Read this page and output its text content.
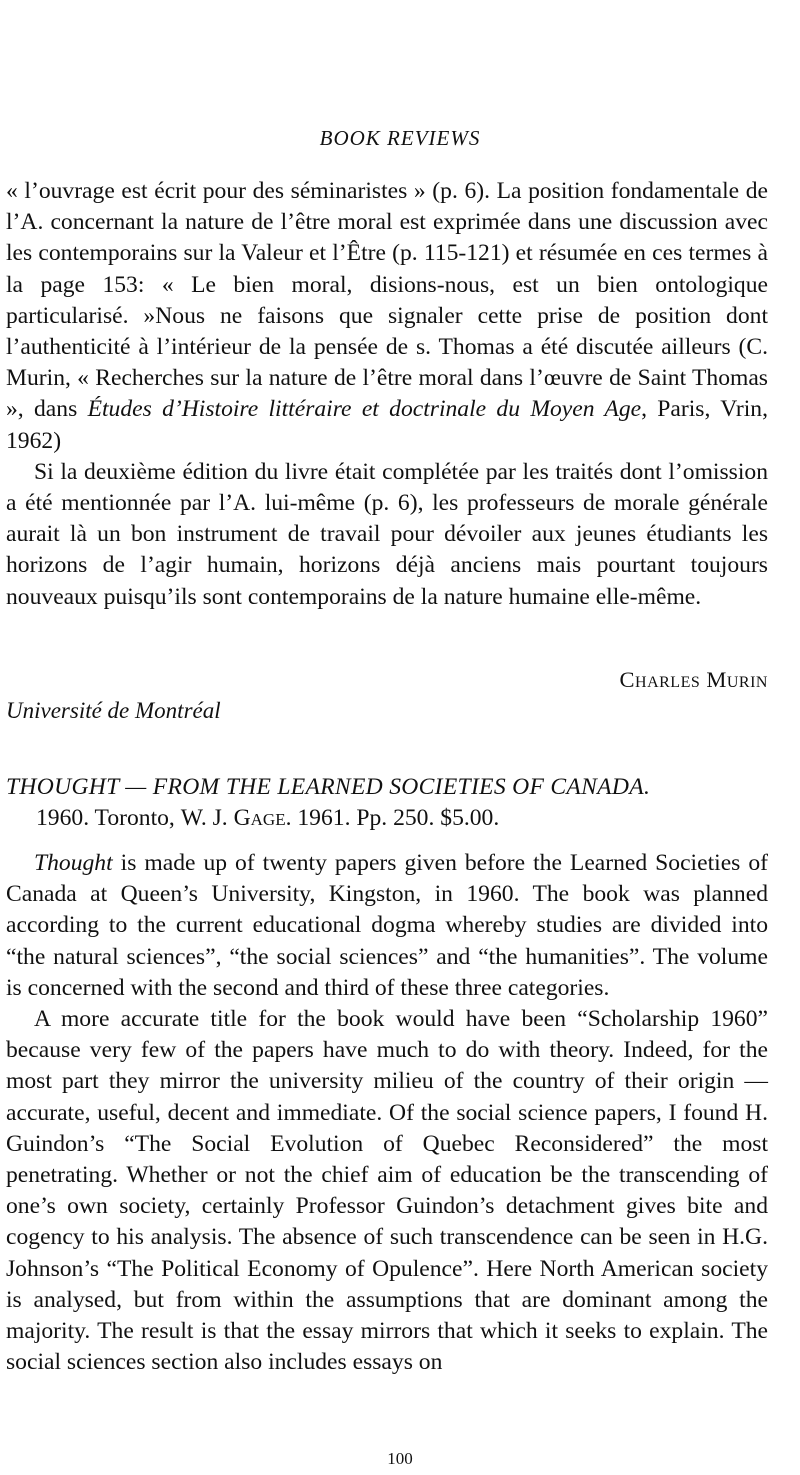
BOOK REVIEWS

« l’ouvrage est écrit pour des séminaristes » (p. 6). La position fondamentale de l’A. concernant la nature de l’être moral est exprimée dans une discussion avec les contemporains sur la Valeur et l’Être (p. 115-121) et résumée en ces termes à la page 153: « Le bien moral, disions-nous, est un bien ontologique particularisé. »Nous ne faisons que signaler cette prise de position dont l’authenticité à l’intérieur de la pensée de s. Thomas a été discutée ailleurs (C. Murin, « Recherches sur la nature de l’être moral dans l’œuvre de Saint Thomas », dans Études d’Histoire littéraire et doctrinale du Moyen Age, Paris, Vrin, 1962)

Si la deuxième édition du livre était complétée par les traités dont l’omission a été mentionnée par l’A. lui-même (p. 6), les professeurs de morale générale aurait là un bon instrument de travail pour dévoiler aux jeunes étudiants les horizons de l’agir humain, horizons déjà anciens mais pourtant toujours nouveaux puisqu’ils sont contemporains de la nature humaine elle-même.

Charles Murin
Université de Montréal
THOUGHT — FROM THE LEARNED SOCIETIES OF CANADA.
1960. Toronto, W. J. Gage. 1961. Pp. 250. $5.00.

Thought is made up of twenty papers given before the Learned Societies of Canada at Queen’s University, Kingston, in 1960. The book was planned according to the current educational dogma whereby studies are divided into “the natural sciences”, “the social sciences” and “the humanities”. The volume is concerned with the second and third of these three categories.

A more accurate title for the book would have been “Scholarship 1960” because very few of the papers have much to do with theory. Indeed, for the most part they mirror the university milieu of the country of their origin — accurate, useful, decent and immediate. Of the social science papers, I found H. Guindon’s “The Social Evolution of Quebec Reconsidered” the most penetrating. Whether or not the chief aim of education be the transcending of one’s own society, certainly Professor Guindon’s detachment gives bite and cogency to his analysis. The absence of such transcendence can be seen in H.G. Johnson’s “The Political Economy of Opulence”. Here North American society is analysed, but from within the assumptions that are dominant among the majority. The result is that the essay mirrors that which it seeks to explain. The social sciences section also includes essays on

100
